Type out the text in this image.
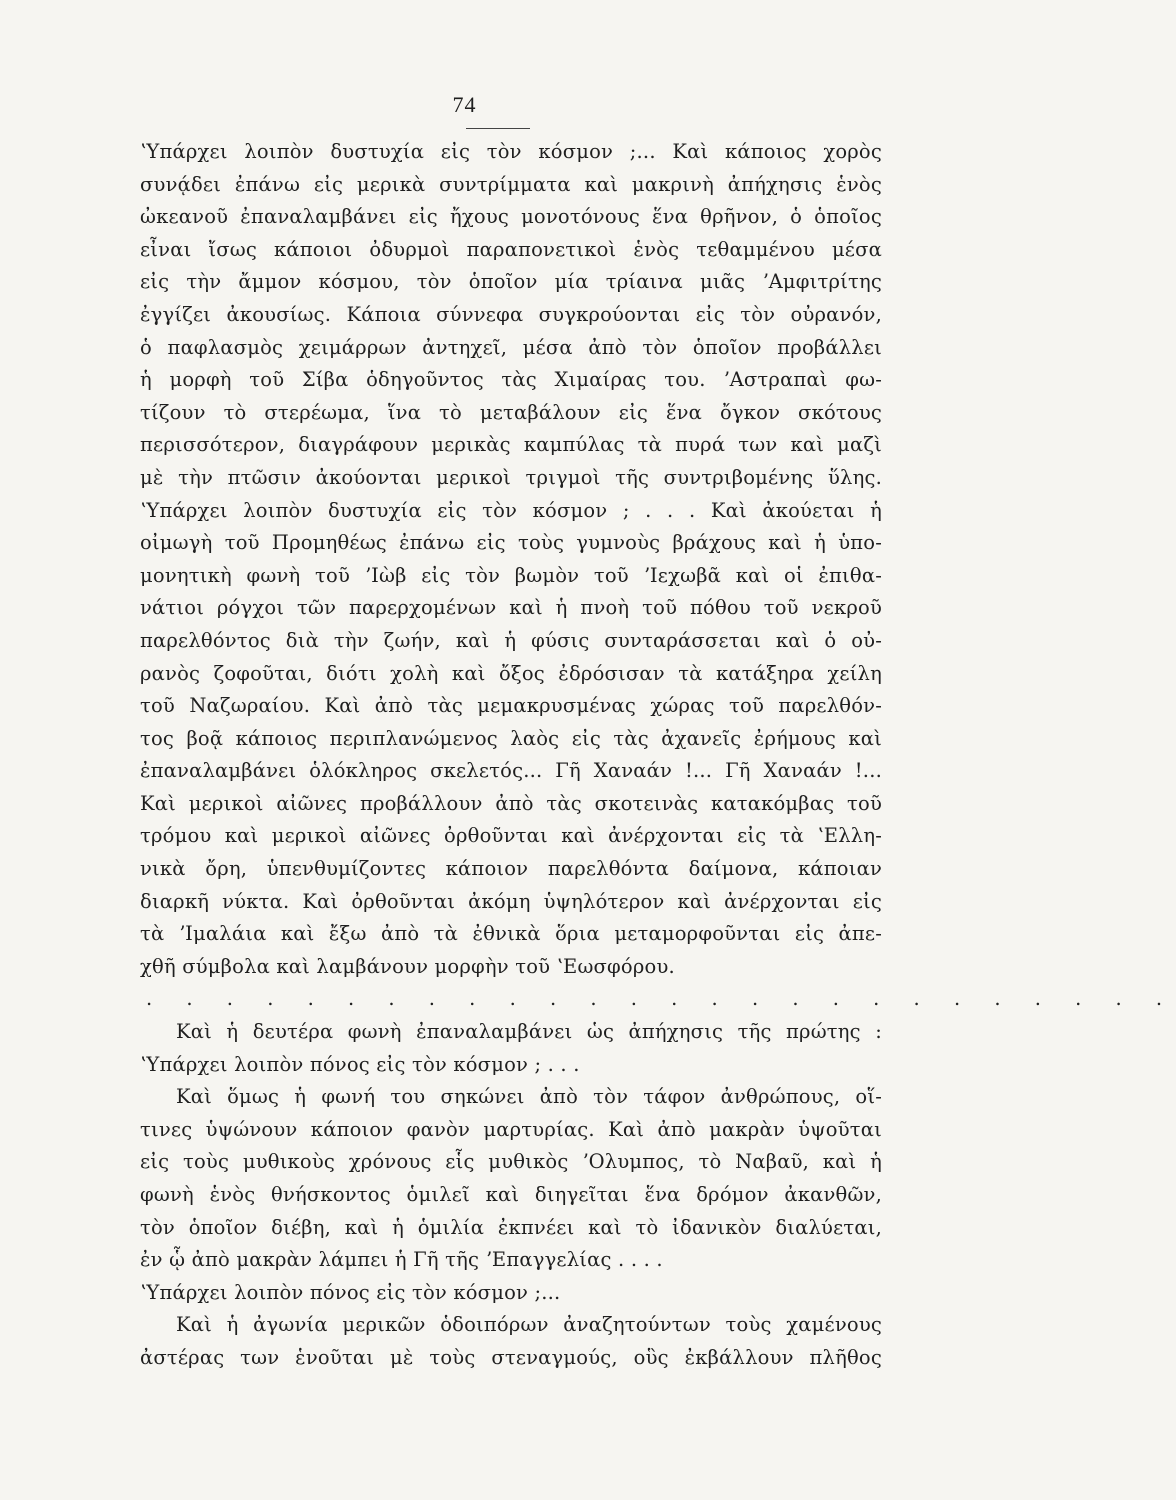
74
ʽΥπάρχει λοιπὸν δυστυχία εἰς τὸν κόσμον ;... Καὶ κάποιος χορὸς
συνᾴδει ἐπάνω εἰς μερικὰ συντρίμματα καὶ μακρινὴ ἀπήχησις ἑνὸς
ὠκεανοῦ ἐπαναλαμβάνει εἰς ἤχους μονοτόνους ἕνα θρῆνον, ὁ ὁποῖος
εἶναι ἴσως κάποιοι ὀδυρμοὶ παραπονετικοὶ ἑνὸς τεθαμμένου μέσα
εἰς τὴν ἄμμον κόσμου, τὸν ὁποῖον μία τρίαινα μιᾶς ʼΑμφιτρίτης
ἐγγίζει ἀκουσίως. Κάποια σύννεφα συγκρούονται εἰς τὸν οὐρανόν,
ὁ παφλασμὸς χειμάρρων ἀντηχεῖ, μέσα ἀπὸ τὸν ὁποῖον προβάλλει
ἡ μορφὴ τοῦ Σίβα ὁδηγοῦντος τὰς Χιμαίρας του. ʼΑστραπαὶ φω-
τίζουν τὸ στερέωμα, ἵνα τὸ μεταβάλουν εἰς ἕνα ὄγκον σκότους
περισσότερον, διαγράφουν μερικὰς καμπύλας τὰ πυρά των καὶ μαζὶ
μὲ τὴν πτῶσιν ἀκούονται μερικοὶ τριγμοὶ τῆς συντριβομένης ὕλης.
ʽΥπάρχει λοιπὸν δυστυχία εἰς τὸν κόσμον ; . . . Καὶ ἀκούεται ἡ
οἰμωγὴ τοῦ Προμηθέως ἐπάνω εἰς τοὺς γυμνοὺς βράχους καὶ ἡ ὑπο-
μονητικὴ φωνὴ τοῦ ʼΙὼβ εἰς τὸν βωμὸν τοῦ ʼΙεχωβᾶ καὶ οἱ ἐπιθα-
νάτιοι ρόγχοι τῶν παρερχομένων καὶ ἡ πνοὴ τοῦ πόθου τοῦ νεκροῦ
παρελθόντος διὰ τὴν ζωήν, καὶ ἡ φύσις συνταράσσεται καὶ ὁ οὐ-
ρανὸς ζοφοῦται, διότι χολὴ καὶ ὄξος ἐδρόσισαν τὰ κατάξηρα χείλη
τοῦ Ναζωραίου. Καὶ ἀπὸ τὰς μεμακρυσμένας χώρας τοῦ παρελθόν-
τος βοᾷ κάποιος περιπλανώμενος λαὸς εἰς τὰς ἀχανεῖς ἐρήμους καὶ
ἐπαναλαμβάνει ὁλόκληρος σκελετός... Γῆ Χαναάν !... Γῆ Χαναάν !...
Καὶ μερικοὶ αἰῶνες προβάλλουν ἀπὸ τὰς σκοτεινὰς κατακόμβας τοῦ
τρόμου καὶ μερικοὶ αἰῶνες ὀρθοῦνται καὶ ἀνέρχονται εἰς τὰ ʽΕλλη-
νικὰ ὄρη, ὑπενθυμίζοντες κάποιον παρελθόντα δαίμονα, κάποιαν
διαρκῆ νύκτα. Καὶ ὀρθοῦνται ἀκόμη ὑψηλότερον καὶ ἀνέρχονται εἰς
τὰ ʼΙμαλάια καὶ ἔξω ἀπὸ τὰ ἐθνικὰ ὅρια μεταμορφοῦνται εἰς ἀπε-
χθῆ σύμβολα καὶ λαμβάνουν μορφὴν τοῦ ʽΕωσφόρου.
. . . . . . . . . . . . . . . . . . . . . . . . . .
Καὶ ἡ δευτέρα φωνὴ ἐπαναλαμβάνει ὡς ἀπήχησις τῆς πρώτης :
ʽΥπάρχει λοιπὸν πόνος εἰς τὸν κόσμον ; . . .
Καὶ ὅμως ἡ φωνή του σηκώνει ἀπὸ τὸν τάφον ἀνθρώπους, οἵ-
τινες ὑψώνουν κάποιον φανὸν μαρτυρίας. Καὶ ἀπὸ μακρὰν ὑψοῦται
εἰς τοὺς μυθικοὺς χρόνους εἷς μυθικὸς ʼΟλυμπος, τὸ Ναβαῦ, καὶ ἡ
φωνὴ ἑνὸς θνήσκοντος ὁμιλεῖ καὶ διηγεῖται ἕνα δρόμον ἀκανθῶν,
τὸν ὁποῖον διέβη, καὶ ἡ ὁμιλία ἐκπνέει καὶ τὸ ἰδανικὸν διαλύεται,
ἐν ᾧ ἀπὸ μακρὰν λάμπει ἡ Γῆ τῆς ʼΕπαγγελίας . . . .
ʽΥπάρχει λοιπὸν πόνος εἰς τὸν κόσμον ;...
Καὶ ἡ ἀγωνία μερικῶν ὁδοιπόρων ἀναζητούντων τοὺς χαμένους
ἀστέρας των ἑνοῦται μὲ τοὺς στεναγμούς, οὓς ἐκβάλλουν πλῆθος
